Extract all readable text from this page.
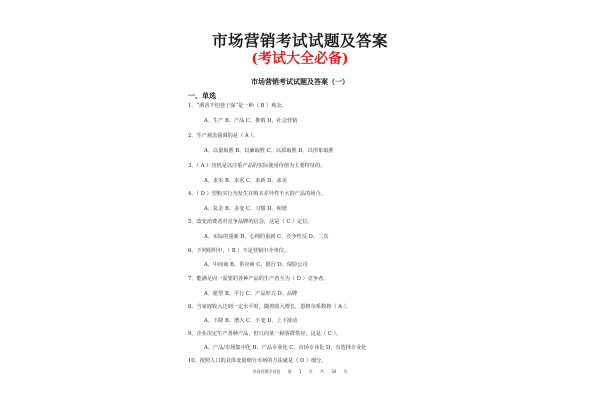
市场营销考试试题及答案
(考试大全必备)
市场营销考试试题及答案（一）
一、单选
1、“酒香不怕巷子深”是一种（ B ）观念。
A、生产 B、产品 C、推销 D、社会营销
2、生产观念强调的是（ A ）。
A、以量取胜 B、以廉取胜 C、以质取胜 D、以形象取胜
3、（ A ）功机是以注重产品的实际使用价值为主要特征的。
A、求实 B、求名 C、求新 D、求美
4、（ D ）型购买行为发生在购买差异性不大的产品的场合。
A、复杂 B、多变 C、习惯 D、和谐
5、改变消费者对竞争品牌的信念，这是（ C ）定位。
A、实际的重新 B、心理的重新 C、竞争性反 D、二次
6、下列组织中，（ B ）不是营销中介单位。
A、中间商 B、供应商 C、银行 D、保险公司
7、能满足同一需要的各种产品的生产者互为（ D ）竞争者。
A、愿望 B、平行 C、产品形式 D、品牌
8、当家庭收入达到一定水平时，随着收入增长，恩格尔系数将（ A ）。
A、下降 B、增大 C、不变 D、上下波动
9、企业决定生产各种产品，但只向某一顾客群供应，这是（ C ）。
A、产品/市场集中化 B、产品专业化 C、市场专业化 D、有选择专业化
10、按照人口的具体变量细分市场的方法就是（ D ）细分。
市场营销学试卷 第 1 页 共 34 页
